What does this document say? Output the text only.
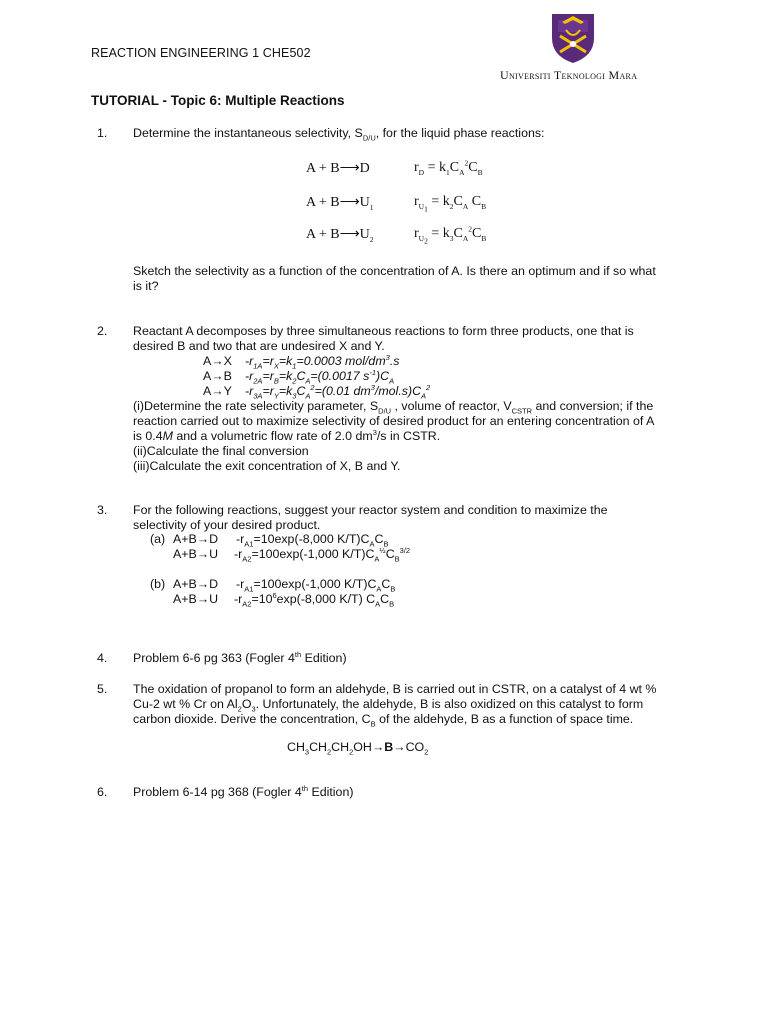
REACTION ENGINEERING 1 CHE502
Universiti Teknologi Mara
TUTORIAL - Topic 6: Multiple Reactions
1.	Determine the instantaneous selectivity, $S_{D/U}$, for the liquid phase reactions:
A + B⟶D	$r_D = k_1C_A^2C_B$
$A + B⟶U_1$	$r_{U_1} = k_2C_A$ $C_B$
$A + B⟶U_2$	$r_{U_2} = k_3C_A^2C_B$
Sketch the selectivity as a function of the concentration of A. Is there an optimum and if so what
is it?
2.	Reactant A decomposes by three simultaneous reactions to form three products, one that is
desired B and two that are undesired X and Y.
A→X $-r_{1A}=r_X=k_1=0.0003$ mol/$dm^3.s$
A→B $-r_{2A}=r_B=k_2C_A=(0.0017$ $s^{-1})C_A$
A→Y $-r_{3A}=r_Y=k_3C_A^2=(0.01$ $dm^3/mol.s)C_A^2$
(i)Determine the rate selectivity parameter, $S_{D/U}$ , volume of reactor, $V_{CSTR}$ and conversion; if the
reaction carried out to maximize selectivity of desired product for an entering concentration of A
is 0.4M and a volumetric flow rate of 2.0 $dm^3/s$ in CSTR.
(ii)Calculate the final conversion
(iii)Calculate the exit concentration of X, B and Y.
3.	For the following reactions, suggest your reactor system and condition to maximize the
selectivity of your desired product.
(a) A+B→D $-r_{A1}=10\exp(-8,000$ $K/T)C_AC_B$
A+B→U $-r_{A2}=100\exp(-1,000$ $K/T)C_A^{\frac{1}{2}}C_B^{3/2}$
(b) A+B→D $-r_{A1}=100\exp(-1,000$ $K/T)C_AC_B$
A+B→U $-r_{A2}=10^6\exp(-8,000$ K/T) $C_AC_B$
4.	Problem 6-6 pg 363 (Fogler 4th Edition)
5.	The oxidation of propanol to form an aldehyde, B is carried out in CSTR, on a catalyst of 4 wt %
Cu-2 wt % Cr on $Al_2O_3$. Unfortunately, the aldehyde, B is also oxidized on this catalyst to form
carbon dioxide. Derive the concentration, $C_B$ of the aldehyde, B as a function of space time.
$CH_3CH_2CH_2OH\to B\to CO_2$
6.	Problem 6-14 pg 368 (Fogler 4th Edition)
